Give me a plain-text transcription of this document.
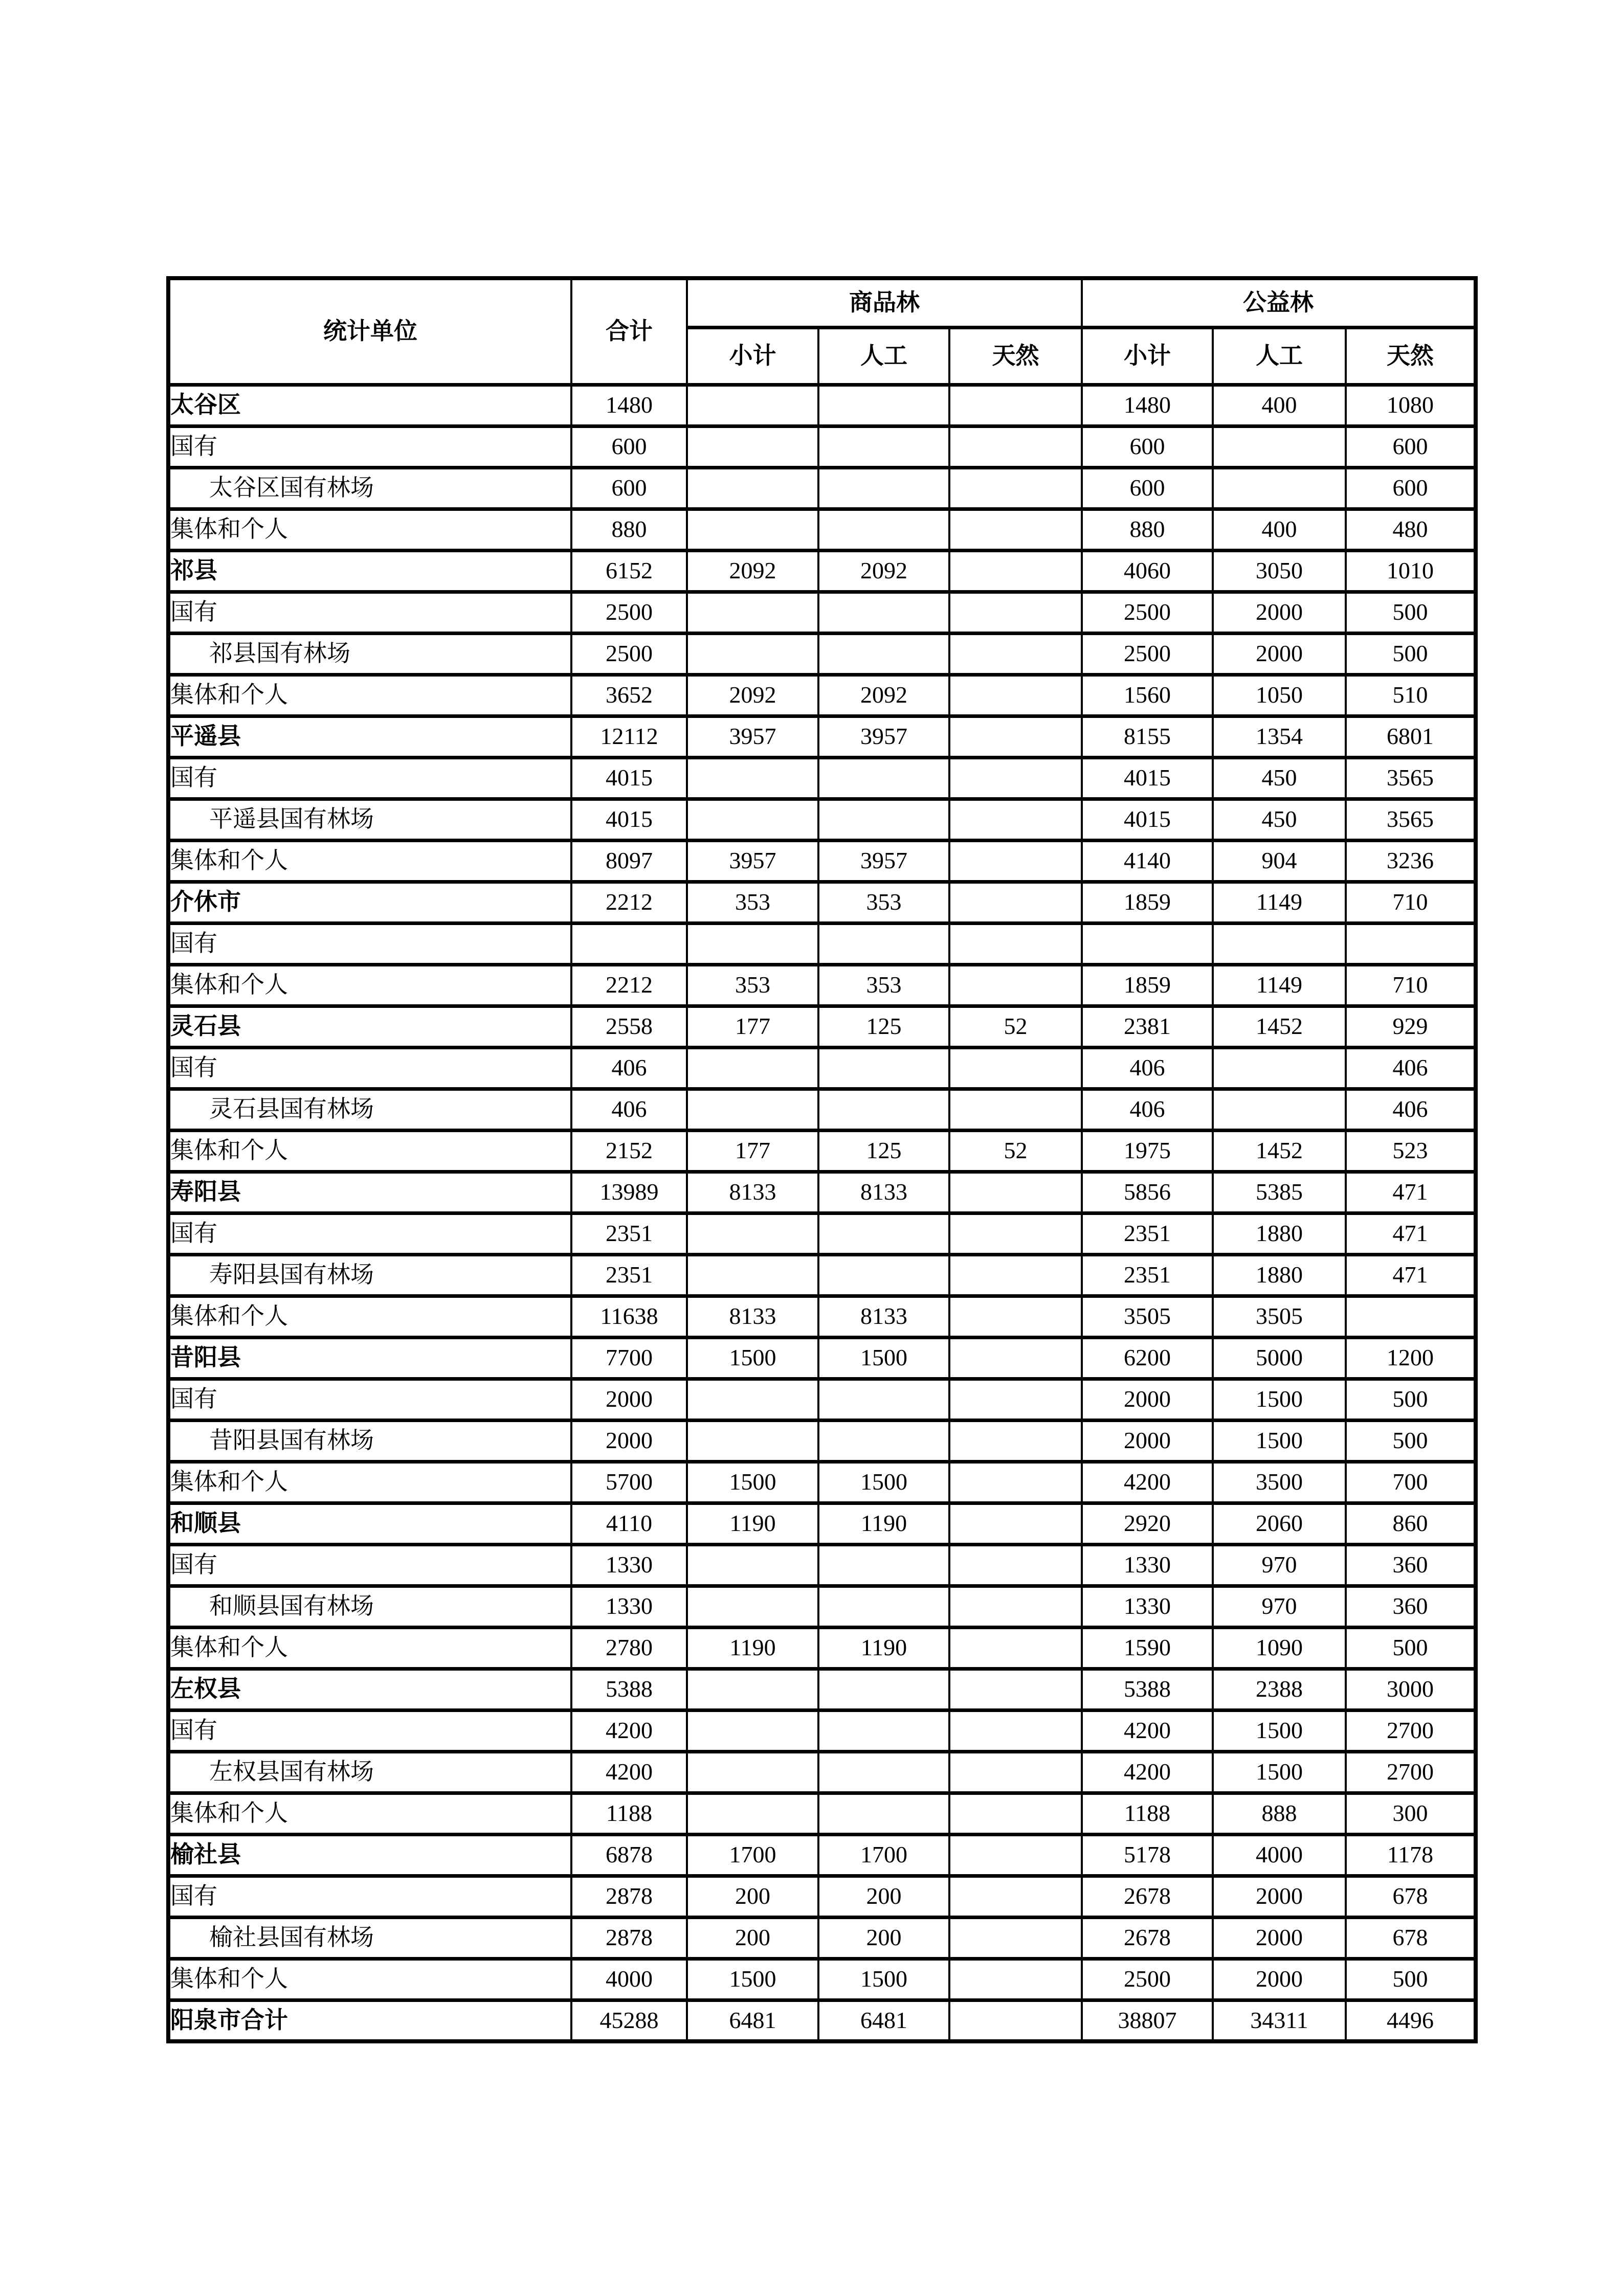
统计单位	合计	商品林			公益林		
		小计	人工	天然	小计	人工	天然
太谷区	1480				1480	400	1080
国有	600				600		600
太谷区国有林场	600				600		600
集体和个人	880				880	400	480
祁县	6152	2092	2092		4060	3050	1010
国有	2500				2500	2000	500
祁县国有林场	2500				2500	2000	500
集体和个人	3652	2092	2092		1560	1050	510
平遥县	12112	3957	3957		8155	1354	6801
国有	4015				4015	450	3565
平遥县国有林场	4015				4015	450	3565
集体和个人	8097	3957	3957		4140	904	3236
介休市	2212	353	353		1859	1149	710
国有							
集体和个人	2212	353	353		1859	1149	710
灵石县	2558	177	125	52	2381	1452	929
国有	406				406		406
灵石县国有林场	406				406		406
集体和个人	2152	177	125	52	1975	1452	523
寿阳县	13989	8133	8133		5856	5385	471
国有	2351				2351	1880	471
寿阳县国有林场	2351				2351	1880	471
集体和个人	11638	8133	8133		3505	3505	
昔阳县	7700	1500	1500		6200	5000	1200
国有	2000				2000	1500	500
昔阳县国有林场	2000				2000	1500	500
集体和个人	5700	1500	1500		4200	3500	700
和顺县	4110	1190	1190		2920	2060	860
国有	1330				1330	970	360
和顺县国有林场	1330				1330	970	360
集体和个人	2780	1190	1190		1590	1090	500
左权县	5388				5388	2388	3000
国有	4200				4200	1500	2700
左权县国有林场	4200				4200	1500	2700
集体和个人	1188				1188	888	300
榆社县	6878	1700	1700		5178	4000	1178
国有	2878	200	200		2678	2000	678
榆社县国有林场	2878	200	200		2678	2000	678
集体和个人	4000	1500	1500		2500	2000	500
阳泉市合计	45288	6481	6481		38807	34311	4496
